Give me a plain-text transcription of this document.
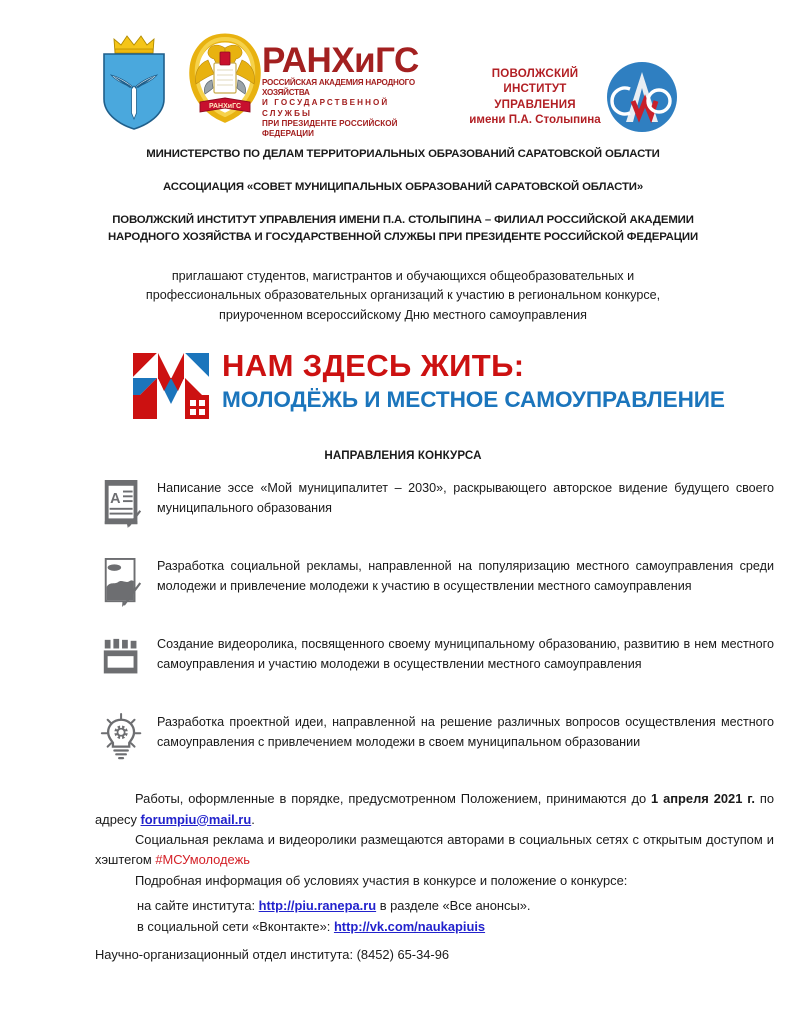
РАНХиГС
РАНХиГС
РОССИЙСКАЯ АКАДЕМИЯ НАРОДНОГО ХОЗЯЙСТВА
И ГОСУДАРСТВЕННОЙ СЛУЖБЫ
ПРИ ПРЕЗИДЕНТЕ РОССИЙСКОЙ ФЕДЕРАЦИИ
ПОВОЛЖСКИЙ
ИНСТИТУТ
УПРАВЛЕНИЯ
имени П.А. Столыпина
МИНИСТЕРСТВО ПО ДЕЛАМ ТЕРРИТОРИАЛЬНЫХ ОБРАЗОВАНИЙ САРАТОВСКОЙ ОБЛАСТИ
АССОЦИАЦИЯ «СОВЕТ МУНИЦИПАЛЬНЫХ ОБРАЗОВАНИЙ САРАТОВСКОЙ ОБЛАСТИ»
ПОВОЛЖСКИЙ ИНСТИТУТ УПРАВЛЕНИЯ ИМЕНИ П.А. СТОЛЫПИНА – ФИЛИАЛ РОССИЙСКОЙ АКАДЕМИИ
НАРОДНОГО ХОЗЯЙСТВА И ГОСУДАРСТВЕННОЙ СЛУЖБЫ ПРИ ПРЕЗИДЕНТЕ РОССИЙСКОЙ ФЕДЕРАЦИИ
приглашают студентов, магистрантов и обучающихся общеобразовательных и
профессиональных образовательных организаций к участию в региональном конкурсе,
приуроченном всероссийскому Дню местного самоуправления
НАМ ЗДЕСЬ ЖИТЬ:
МОЛОДЁЖЬ И МЕСТНОЕ САМОУПРАВЛЕНИЕ
НАПРАВЛЕНИЯ КОНКУРСА
A
Написание эссе «Мой муниципалитет – 2030», раскрывающего авторское видение будущего своего муниципального образования
Разработка социальной рекламы, направленной на популяризацию местного самоуправления среди молодежи и привлечение молодежи к участию в осуществлении местного самоуправления
Создание видеоролика, посвященного своему муниципальному образованию, развитию в нем местного самоуправления и участию молодежи в осуществлении местного самоуправления
Разработка проектной идеи, направленной на решение различных вопросов осуществления местного самоуправления с привлечением молодежи в своем муниципальном образовании

Работы, оформленные в порядке, предусмотренном Положением, принимаются до 1 апреля 2021 г. по адресу forumpiu@mail.ru.

Социальная реклама и видеоролики размещаются авторами в социальных сетях с открытым доступом и хэштегом #МСУмолодежь

Подробная информация об условиях участия в конкурсе и положение о конкурсе:

на сайте института: http://piu.ranepa.ru в разделе «Все анонсы».
в социальной сети «Вконтакте»: http://vk.com/naukapiuis
Научно-организационный отдел института: (8452) 65-34-96
